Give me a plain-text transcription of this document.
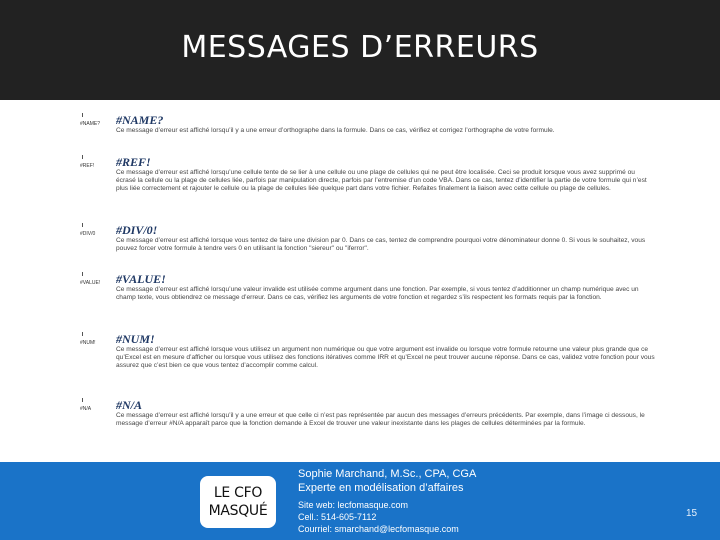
MESSAGES D’ERREURS
#NAME?	#NAME?
Ce message d’erreur est affiché lorsqu’il y a une erreur d’orthographe dans la formule. Dans ce cas, vérifiez et corrigez l’orthographe de votre formule.
#REF!	#REF!
Ce message d’erreur est affiché lorsqu’une cellule tente de se lier à une cellule ou une plage de cellules qui ne peut être localisée. Ceci se produit lorsque vous avez supprimé ou écrasé la cellule ou la plage de cellules liée, parfois par manipulation directe, parfois par l’entremise d’un code VBA. Dans ce cas, tentez d’identifier la partie de votre formule qui n’est plus liée correctement et rajouter le cellule ou la plage de cellules liée quelque part dans votre fichier. Refaites finalement la liaison avec cette cellule ou plage de cellules.
#DIV/0	#DIV/0!
Ce message d’erreur est affiché lorsque vous tentez de faire une division par 0. Dans ce cas, tentez de comprendre pourquoi votre dénominateur donne 0. Si vous le souhaitez, vous pouvez forcer votre formule à tendre vers 0 en utilisant la fonction "siereur" ou "iferror".
#VALUE!	#VALUE!
Ce message d’erreur est affiché lorsqu’une valeur invalide est utilisée comme argument dans une fonction. Par exemple, si vous tentez d’additionner un champ numérique avec un champ texte, vous obtiendrez ce message d’erreur. Dans ce cas, vérifiez les arguments de votre fonction et regardez s’ils respectent les formats requis par la fonction.
#NUM!	#NUM!
Ce message d’erreur est affiché lorsque vous utilisez un argument non numérique ou que votre argument est invalide ou lorsque votre formule retourne une valeur plus grande que ce qu’Excel est en mesure d’afficher ou lorsque vous utilisez des fonctions itératives comme IRR et qu’Excel ne peut trouver aucune réponse. Dans ce cas, validez votre fonction pour vous assurez que c’est bien ce que vous tentez d’accomplir comme calcul.
#N/A	#N/A
Ce message d’erreur est affiché lorsqu’il y a une erreur et que celle ci n’est pas représentée par aucun des messages d’erreurs précédents. Par exemple, dans l’image ci dessous, le message d’erreur #N/A apparaît parce que la fonction demande à Excel de trouver une valeur inexistante dans les plages de cellules déterminées par la formule.
LE CFO
MASQUÉ
Sophie Marchand, M.Sc., CPA, CGA
Experte en modélisation d’affaires
Site web: lecfomasque.com
Cell.: 514-605-7112
Courriel: smarchand@lecfomasque.com
15
